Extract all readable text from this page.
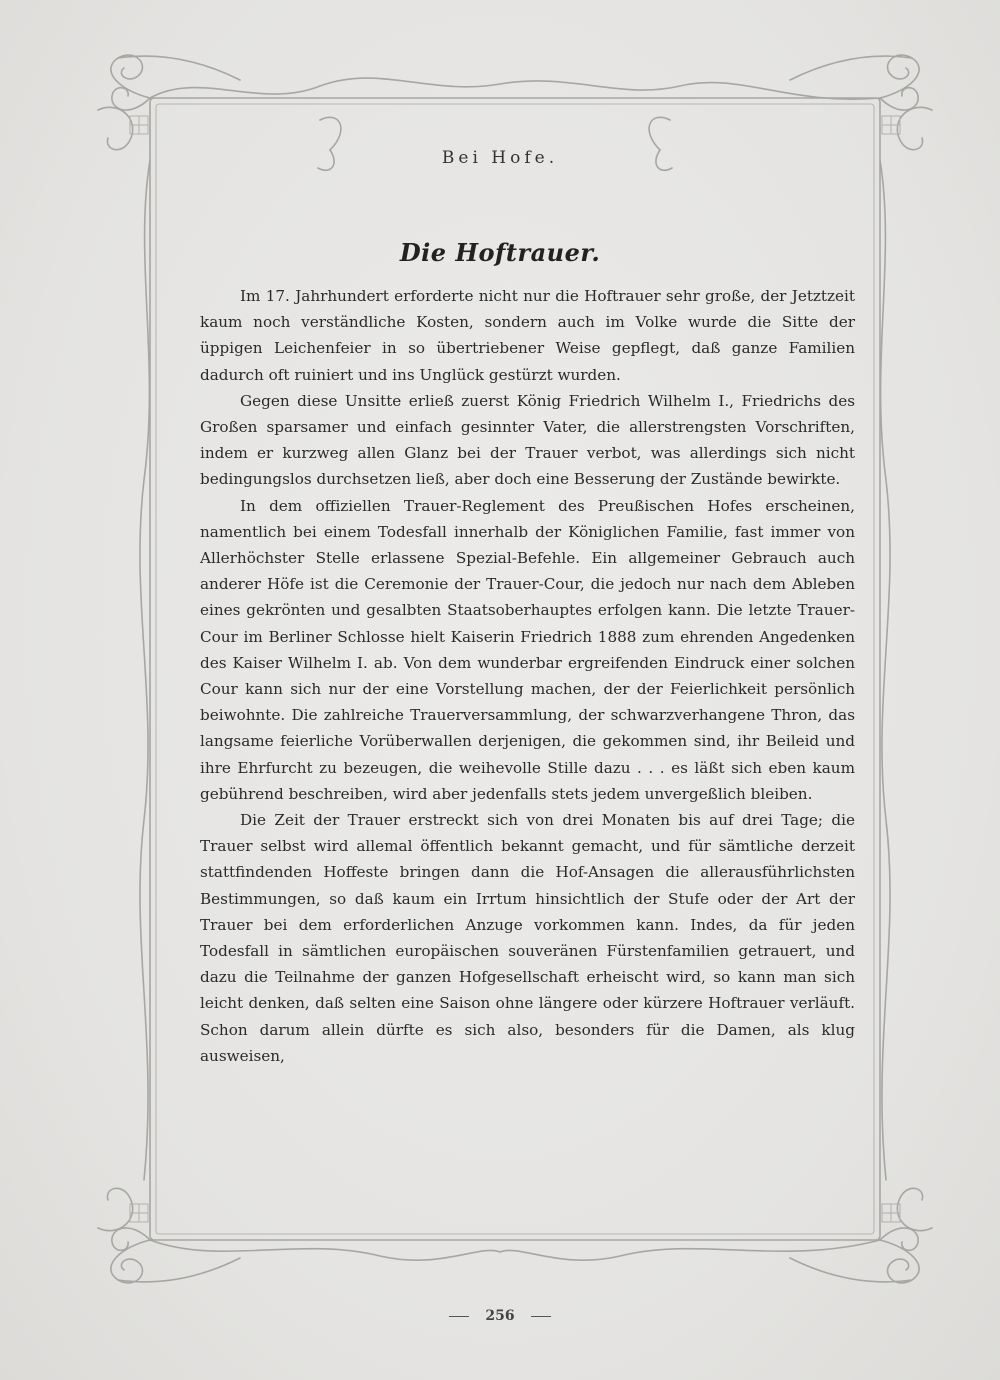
Bei Hofe.
Die Hoftrauer.

Im 17. Jahrhundert erforderte nicht nur die Hoftrauer sehr große, der Jetztzeit kaum noch verständliche Kosten, sondern auch im Volke wurde die Sitte der üppigen Leichenfeier in so übertriebener Weise gepflegt, daß ganze Familien dadurch oft ruiniert und ins Unglück gestürzt wurden.

Gegen diese Unsitte erließ zuerst König Friedrich Wilhelm I., Friedrichs des Großen sparsamer und einfach gesinnter Vater, die allerstrengsten Vorschriften, indem er kurzweg allen Glanz bei der Trauer verbot, was allerdings sich nicht bedingungslos durchsetzen ließ, aber doch eine Besserung der Zustände bewirkte.

In dem offiziellen Trauer-Reglement des Preußischen Hofes erscheinen, namentlich bei einem Todesfall innerhalb der Königlichen Familie, fast immer von Allerhöchster Stelle erlassene Spezial-Befehle. Ein allgemeiner Gebrauch auch anderer Höfe ist die Ceremonie der Trauer-Cour, die jedoch nur nach dem Ableben eines gekrönten und gesalbten Staatsoberhauptes erfolgen kann. Die letzte Trauer-Cour im Berliner Schlosse hielt Kaiserin Friedrich 1888 zum ehrenden Angedenken des Kaiser Wilhelm I. ab. Von dem wunderbar ergreifenden Eindruck einer solchen Cour kann sich nur der eine Vorstellung machen, der der Feierlichkeit persönlich beiwohnte. Die zahlreiche Trauerversammlung, der schwarzverhangene Thron, das langsame feierliche Vorüberwallen derjenigen, die gekommen sind, ihr Beileid und ihre Ehrfurcht zu bezeugen, die weihevolle Stille dazu . . . es läßt sich eben kaum gebührend beschreiben, wird aber jedenfalls stets jedem unvergeßlich bleiben.

Die Zeit der Trauer erstreckt sich von drei Monaten bis auf drei Tage; die Trauer selbst wird allemal öffentlich bekannt gemacht, und für sämtliche derzeit stattfindenden Hoffeste bringen dann die Hof-Ansagen die allerausführlichsten Bestimmungen, so daß kaum ein Irrtum hinsichtlich der Stufe oder der Art der Trauer bei dem erforderlichen Anzuge vorkommen kann. Indes, da für jeden Todesfall in sämtlichen europäischen souveränen Fürstenfamilien getrauert, und dazu die Teilnahme der ganzen Hofgesellschaft erheischt wird, so kann man sich leicht denken, daß selten eine Saison ohne längere oder kürzere Hoftrauer verläuft. Schon darum allein dürfte es sich also, besonders für die Damen, als klug ausweisen,

256
